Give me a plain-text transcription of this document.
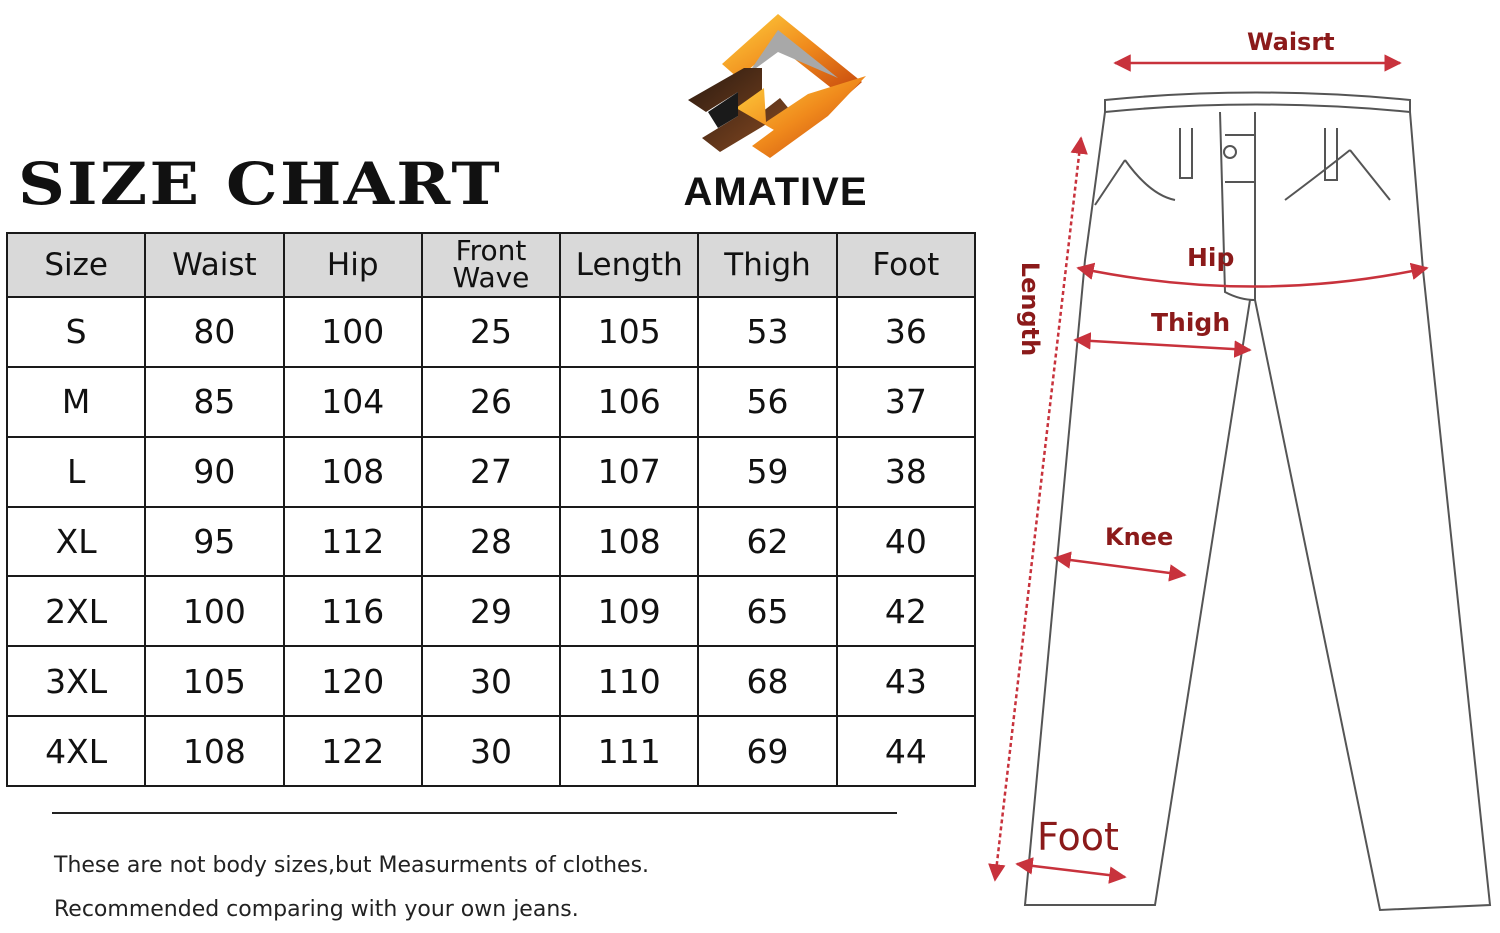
SIZE CHART	AMATIVE
Size	Waist	Hip	Front Wave	Length	Thigh	Foot
S	80	100	25	105	53	36
M	85	104	26	106	56	37
L	90	108	27	107	59	38
XL	95	112	28	108	62	40
2XL	100	116	29	109	65	42
3XL	105	120	30	110	68	43
4XL	108	122	30	111	69	44
These are not body sizes,but Measurments of clothes.
Recommended comparing with your own jeans.
Waisrt
Hip
Thigh
Length
Knee
Foot
